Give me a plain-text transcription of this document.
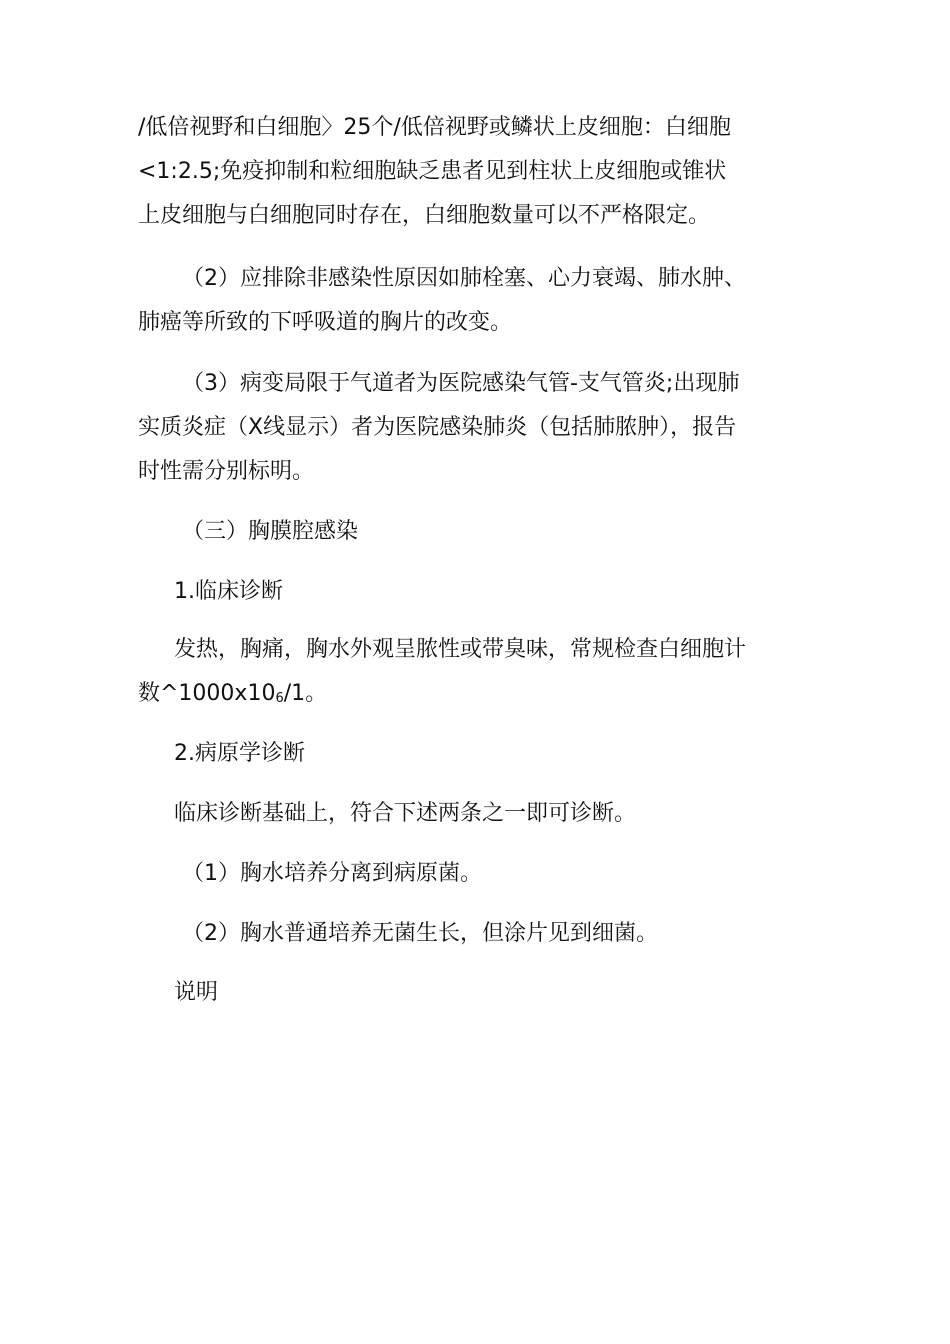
/低倍视野和白细胞〉25个/低倍视野或鳞状上皮细胞：白细胞
<1:2.5;免疫抑制和粒细胞缺乏患者见到柱状上皮细胞或锥状
上皮细胞与白细胞同时存在，白细胞数量可以不严格限定。

（2）应排除非感染性原因如肺栓塞、心力衰竭、肺水肿、
肺癌等所致的下呼吸道的胸片的改变。

（3）病变局限于气道者为医院感染气管-支气管炎;出现肺
实质炎症（X线显示）者为医院感染肺炎（包括肺脓肿），报告
时性需分别标明。

（三）胸膜腔感染

1.临床诊断

发热，胸痛，胸水外观呈脓性或带臭味，常规检查白细胞计
数$\^{}1000x10_6/1$。

2.病原学诊断

临床诊断基础上，符合下述两条之一即可诊断。

（1）胸水培养分离到病原菌。

（2）胸水普通培养无菌生长，但涂片见到细菌。

说明
